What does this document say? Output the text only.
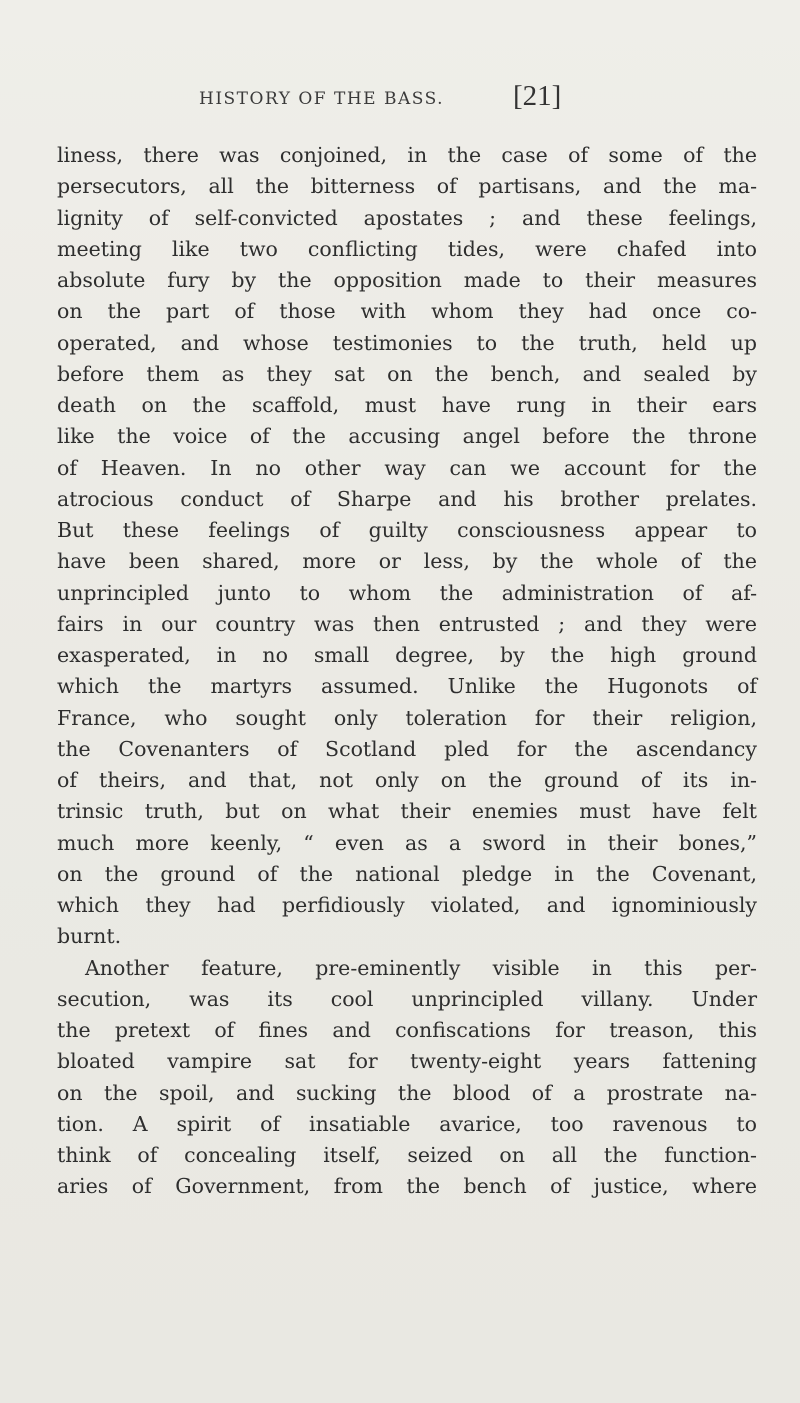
HISTORY OF THE BASS. [21]
liness, there was conjoined, in the case of some of the
persecutors, all the bitterness of partisans, and the ma-
lignity of self-convicted apostates ; and these feelings,
meeting like two conflicting tides, were chafed into
absolute fury by the opposition made to their measures
on the part of those with whom they had once co-
operated, and whose testimonies to the truth, held up
before them as they sat on the bench, and sealed by
death on the scaffold, must have rung in their ears
like the voice of the accusing angel before the throne
of Heaven. In no other way can we account for the
atrocious conduct of Sharpe and his brother prelates.
But these feelings of guilty consciousness appear to
have been shared, more or less, by the whole of the
unprincipled junto to whom the administration of af-
fairs in our country was then entrusted ; and they were
exasperated, in no small degree, by the high ground
which the martyrs assumed. Unlike the Hugonots of
France, who sought only toleration for their religion,
the Covenanters of Scotland pled for the ascendancy
of theirs, and that, not only on the ground of its in-
trinsic truth, but on what their enemies must have felt
much more keenly, “ even as a sword in their bones,”
on the ground of the national pledge in the Covenant,
which they had perfidiously violated, and ignominiously
burnt.
Another feature, pre-eminently visible in this per-
secution, was its cool unprincipled villany. Under
the pretext of fines and confiscations for treason, this
bloated vampire sat for twenty-eight years fattening
on the spoil, and sucking the blood of a prostrate na-
tion. A spirit of insatiable avarice, too ravenous to
think of concealing itself, seized on all the function-
aries of Government, from the bench of justice, where
